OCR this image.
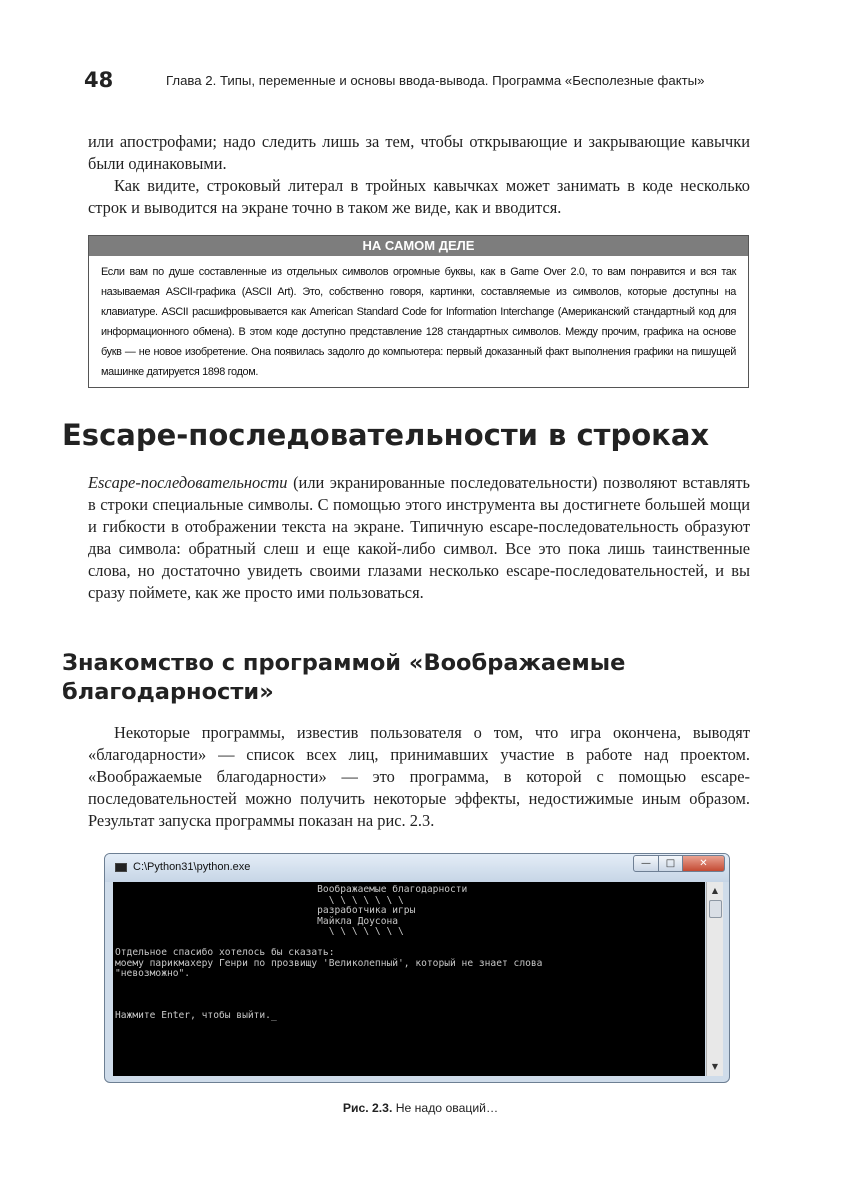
48	Глава 2. Типы, переменные и основы ввода-вывода. Программа «Бесполезные факты»

или апострофами; надо следить лишь за тем, чтобы открывающие и закрывающие кавычки были одинаковыми.

Как видите, строковый литерал в тройных кавычках может занимать в коде несколько строк и выводится на экране точно в таком же виде, как и вводится.

НА САМОМ ДЕЛЕ
Если вам по душе составленные из отдельных символов огромные буквы, как в Game Over 2.0, то вам понравится и вся так называемая ASCII-графика (ASCII Art). Это, собственно говоря, картинки, составляемые из символов, которые доступны на клавиатуре. ASCII расшифровывается как American Standard Code for Information Interchange (Американский стандартный код для информационного обмена). В этом коде доступно представление 128 стандартных символов. Между прочим, графика на основе букв — не новое изобретение. Она появилась задолго до компьютера: первый доказанный факт выполнения графики на пишущей машинке датируется 1898 годом.
Escape-последовательности в строках

Escape-последовательности (или экранированные последовательности) позволяют вставлять в строки специальные символы. С помощью этого инструмента вы достигнете большей мощи и гибкости в отображении текста на экране. Типичную escape-последовательность образуют два символа: обратный слеш и еще какой-либо символ. Все это пока лишь таинственные слова, но достаточно увидеть своими глазами несколько escape-последовательностей, и вы сразу поймете, как же просто ими пользоваться.

Знакомство с программой «Воображаемые благодарности»

Некоторые программы, известив пользователя о том, что игра окончена, выводят «благодарности» — список всех лиц, принимавших участие в работе над проектом. «Воображаемые благодарности» — это программа, в которой с помощью escape-последовательностей можно получить некоторые эффекты, недостижимые иным образом. Результат запуска программы показан на рис. 2.3.

C:\Python31\python.exe	—	□	✕
Воображаемые благодарности
\ \ \ \ \ \ \
разработчика игры
Майкла Доусона
\ \ \ \ \ \ \

Отдельное спасибо хотелось бы сказать:
моему парикмахеру Генри по прозвищу 'Великолепный', который не знает слова
"невозможно".

Нажмите Enter, чтобы выйти._
▲
▼
Рис. 2.3. Не надо оваций…
